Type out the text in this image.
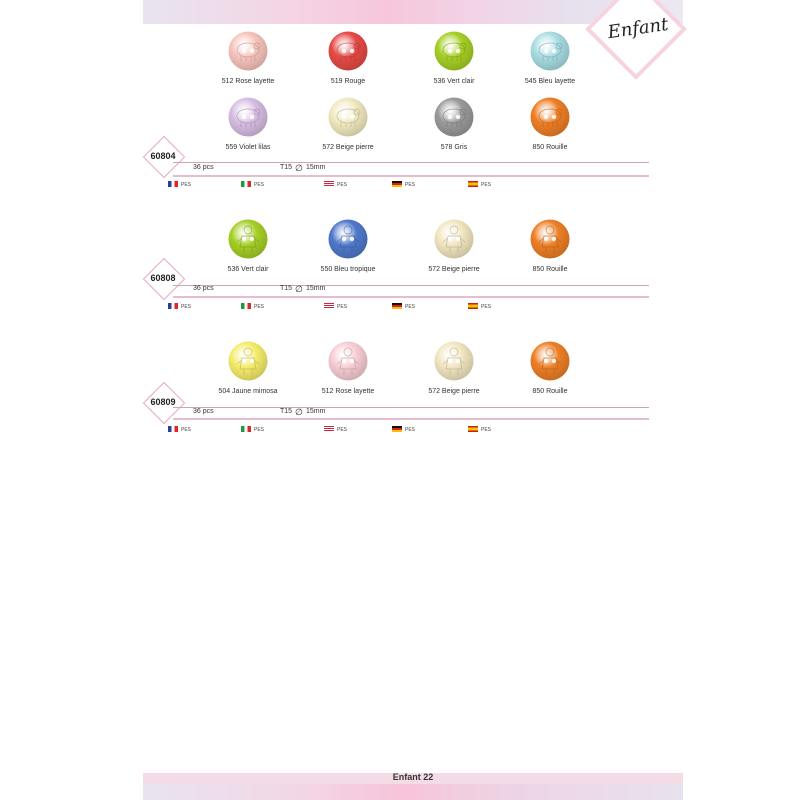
Enfant
512 Rose layette	519 Rouge	536 Vert clair	545 Bleu layette
559 Violet lilas	572 Beige pierre	578 Gris	850 Rouille
60804
36 pcs	T15 ∅ 15mm
PES	PES	PES	PES	PES
536 Vert clair	550 Bleu tropique	572 Beige pierre	850 Rouille
60808
36 pcs	T15 ∅ 15mm
PES	PES	PES	PES	PES
504 Jaune mimosa	512 Rose layette	572 Beige pierre	850 Rouille
60809
36 pcs	T15 ∅ 15mm
PES	PES	PES	PES	PES
Enfant 22
